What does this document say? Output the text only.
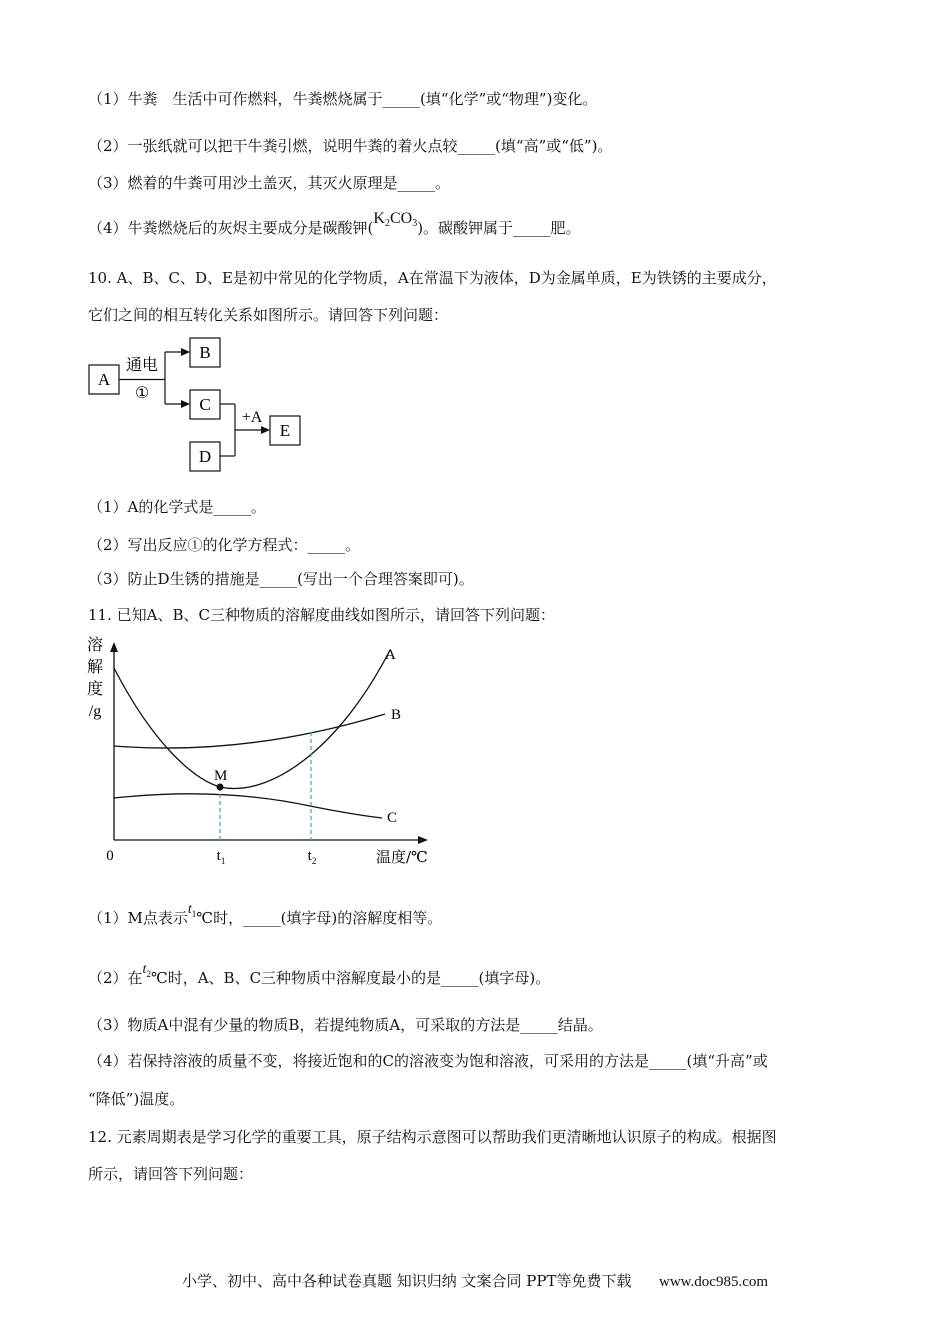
（1）牛粪　生活中可作燃料，牛粪燃烧属于_____(填“化学”或“物理”)变化。
（2）一张纸就可以把干牛粪引燃，说明牛粪的着火点较_____(填“高”或“低”)。
（3）燃着的牛粪可用沙土盖灭，其灭火原理是_____。
（4）牛粪燃烧后的灰烬主要成分是碳酸钾$(K_2CO_3)$。碳酸钾属于_____肥。
10. A、B、C、D、E是初中常见的化学物质，A在常温下为液体，D为金属单质，E为铁锈的主要成分，
它们之间的相互转化关系如图所示。请回答下列问题：
A
B
C
D
E
通电
①
+A
（1）A的化学式是_____。
（2）写出反应①的化学方程式：_____。
（3）防止D生锈的措施是_____(写出一个合理答案即可)。
11. 已知A、B、C三种物质的溶解度曲线如图所示，请回答下列问题：
溶
解
度
/g
M
A
B
C
0	$t_1$	$t_2$	温度/℃
（1）M点表示$t_1℃$时，_____(填字母)的溶解度相等。
（2）在$t_2℃$时，A、B、C三种物质中溶解度最小的是_____(填字母)。
（3）物质A中混有少量的物质B，若提纯物质A，可采取的方法是_____结晶。
（4）若保持溶液的质量不变，将接近饱和的C的溶液变为饱和溶液，可采用的方法是_____(填“升高”或
“降低”)温度。
12. 元素周期表是学习化学的重要工具，原子结构示意图可以帮助我们更清晰地认识原子的构成。根据图
所示，请回答下列问题：
小学、初中、高中各种试卷真题 知识归纳 文案合同 PPT等免费下载 www.doc985.com
